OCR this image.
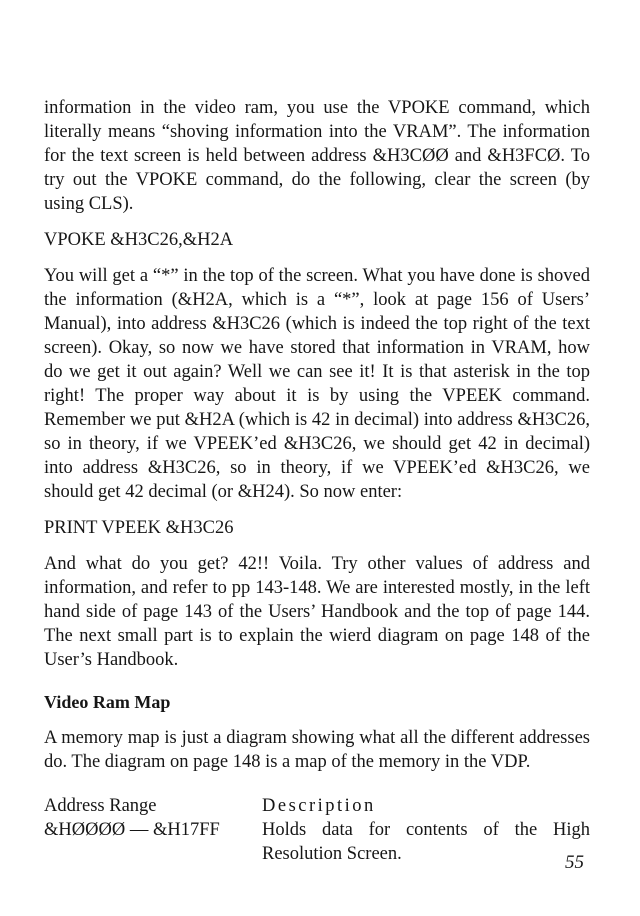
information in the video ram, you use the VPOKE command, which literally means “shoving information into the VRAM”. The information for the text screen is held between address &H3CØØ and &H3FCØ. To try out the VPOKE command, do the following, clear the screen (by using CLS).

VPOKE &H3C26,&H2A

You will get a “*” in the top of the screen. What you have done is shoved the information (&H2A, which is a “*”, look at page 156 of Users’ Manual), into address &H3C26 (which is indeed the top right of the text screen). Okay, so now we have stored that information in VRAM, how do we get it out again? Well we can see it! It is that asterisk in the top right! The proper way about it is by using the VPEEK command. Remember we put &H2A (which is 42 in decimal) into address &H3C26, so in theory, if we VPEEK’ed &H3C26, we should get 42 in decimal) into address &H3C26, so in theory, if we VPEEK’ed &H3C26, we should get 42 decimal (or &H24). So now enter:

PRINT VPEEK &H3C26

And what do you get? 42!! Voila. Try other values of address and information, and refer to pp 143-148. We are interested mostly, in the left hand side of page 143 of the Users’ Handbook and the top of page 144. The next small part is to explain the wierd diagram on page 148 of the User’s Handbook.

Video Ram Map

A memory map is just a diagram showing what all the different addresses do. The diagram on page 148 is a map of the memory in the VDP.

Address Range	Description
&HØØØØ — &H17FF	Holds data for contents of the High Resolution Screen.	55
